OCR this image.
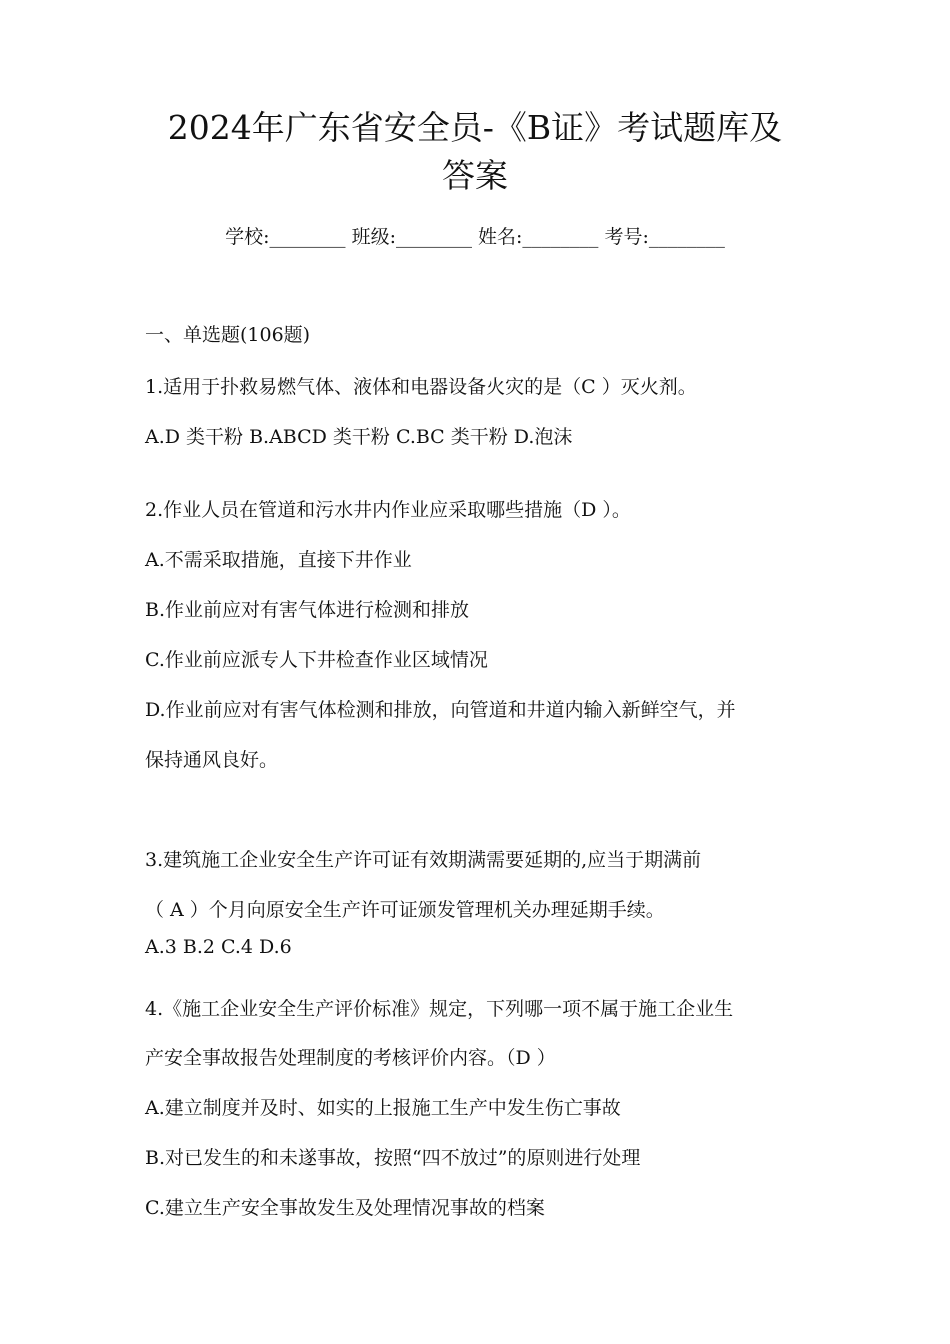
2024年广东省安全员-《B证》考试题库及
答案
学校:________ 班级:________ 姓名:________ 考号:________
一、单选题(106题)
1.适用于扑救易燃气体、液体和电器设备火灾的是（C ）灭火剂。
A.D 类干粉 B.ABCD 类干粉 C.BC 类干粉 D.泡沫
2.作业人员在管道和污水井内作业应采取哪些措施（D ）。
A.不需采取措施，直接下井作业
B.作业前应对有害气体进行检测和排放
C.作业前应派专人下井检查作业区域情况
D.作业前应对有害气体检测和排放，向管道和井道内输入新鲜空气，并
保持通风良好。
3.建筑施工企业安全生产许可证有效期满需要延期的,应当于期满前
（ A ）个月向原安全生产许可证颁发管理机关办理延期手续。
A.3 B.2 C.4 D.6
4.《施工企业安全生产评价标准》规定，下列哪一项不属于施工企业生
产安全事故报告处理制度的考核评价内容。（D ）
A.建立制度并及时、如实的上报施工生产中发生伤亡事故
B.对已发生的和未遂事故，按照“四不放过”的原则进行处理
C.建立生产安全事故发生及处理情况事故的档案
